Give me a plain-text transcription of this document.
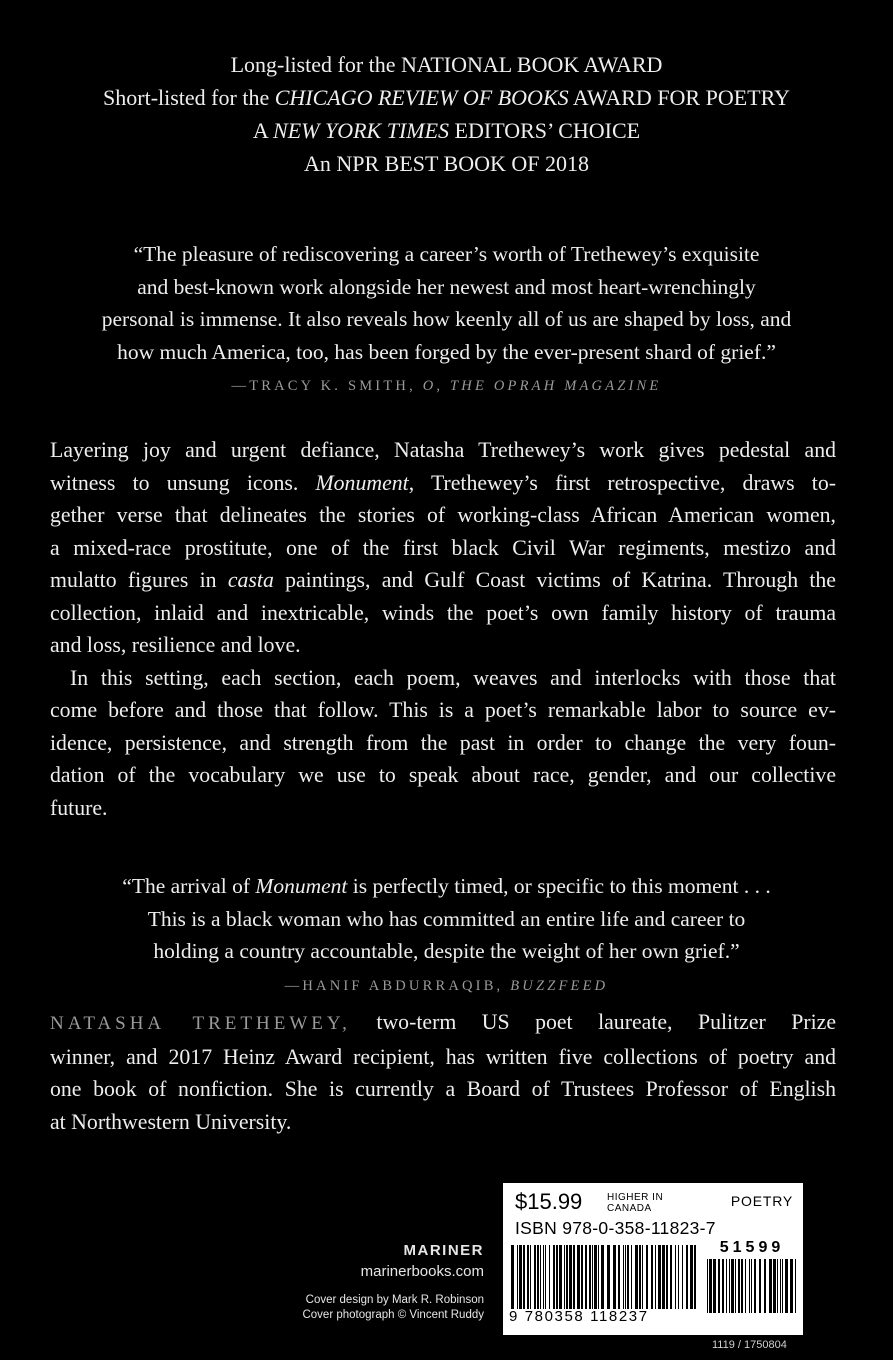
Long-listed for the NATIONAL BOOK AWARD
Short-listed for the CHICAGO REVIEW OF BOOKS AWARD FOR POETRY
A NEW YORK TIMES EDITORS’ CHOICE
An NPR BEST BOOK OF 2018
“The pleasure of rediscovering a career’s worth of Trethewey’s exquisite
and best-known work alongside her newest and most heart-wrenchingly
personal is immense. It also reveals how keenly all of us are shaped by loss, and
how much America, too, has been forged by the ever-present shard of grief.”
—TRACY K. SMITH, O, THE OPRAH MAGAZINE
Layering joy and urgent defiance, Natasha Trethewey’s work gives pedestal and
witness to unsung icons. Monument, Trethewey’s first retrospective, draws to-
gether verse that delineates the stories of working-class African American women,
a mixed-race prostitute, one of the first black Civil War regiments, mestizo and
mulatto figures in casta paintings, and Gulf Coast victims of Katrina. Through the
collection, inlaid and inextricable, winds the poet’s own family history of trauma
and loss, resilience and love.
In this setting, each section, each poem, weaves and interlocks with those that
come before and those that follow. This is a poet’s remarkable labor to source ev-
idence, persistence, and strength from the past in order to change the very foun-
dation of the vocabulary we use to speak about race, gender, and our collective
future.
“The arrival of Monument is perfectly timed, or specific to this moment . . .
This is a black woman who has committed an entire life and career to
holding a country accountable, despite the weight of her own grief.”
—HANIF ABDURRAQIB, BUZZFEED
NATASHA TRETHEWEY, two-term US poet laureate, Pulitzer Prize
winner, and 2017 Heinz Award recipient, has written five collections of poetry and
one book of nonfiction. She is currently a Board of Trustees Professor of English
at Northwestern University.
MARINER
marinerbooks.com
Cover design by Mark R. Robinson
Cover photograph © Vincent Ruddy
$15.99 HIGHER IN
CANADA	POETRY
ISBN 978-0-358-11823-7
51599
9 780358 118237
1119 / 1750804
